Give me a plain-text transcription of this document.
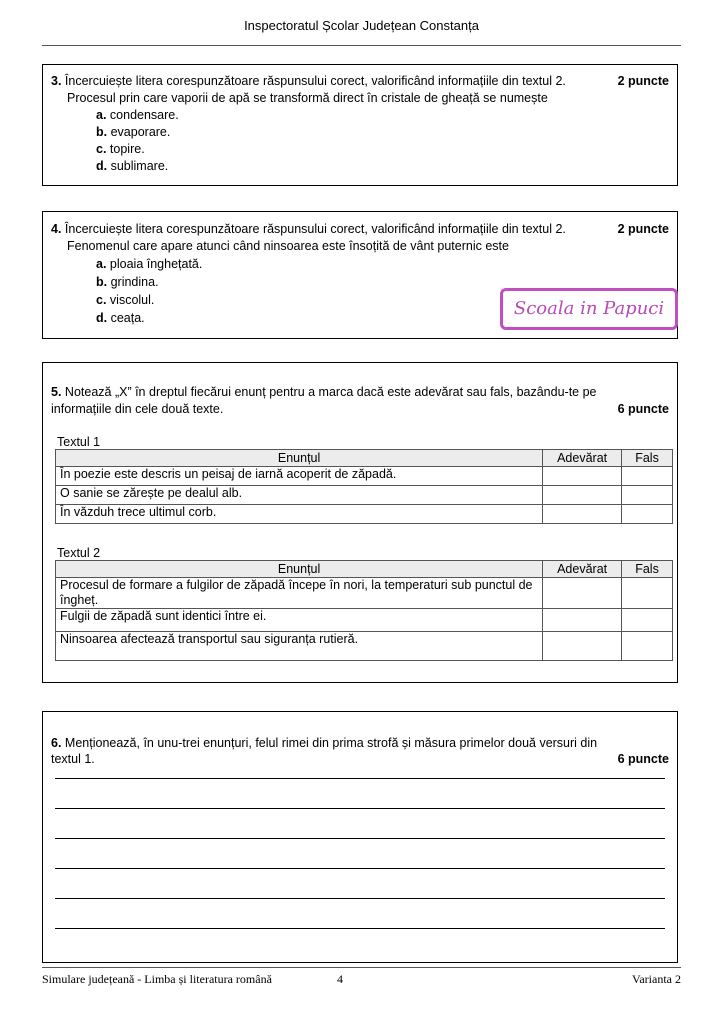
Inspectoratul Școlar Județean Constanța
3. Încercuiește litera corespunzătoare răspunsului corect, valorificând informațiile din textul 2.	2 puncte
Procesul prin care vaporii de apă se transformă direct în cristale de gheață se numește
a. condensare.
b. evaporare.
c. topire.
d. sublimare.
4. Încercuiește litera corespunzătoare răspunsului corect, valorificând informațiile din textul 2.	2 puncte
Fenomenul care apare atunci când ninsoarea este însoțită de vânt puternic este
a. ploaia înghețată.
b. grindina.
c. viscolul.
d. ceața.	Scoala in Papuci
5. Notează „X” în dreptul fiecărui enunț pentru a marca dacă este adevărat sau fals, bazându-te pe
informațiile din cele două texte.	6 puncte
Textul 1
Enunțul	Adevărat	Fals
În poezie este descris un peisaj de iarnă acoperit de zăpadă.		
O sanie se zărește pe dealul alb.		
În văzduh trece ultimul corb.		
Textul 2
Enunțul	Adevărat	Fals
Procesul de formare a fulgilor de zăpadă începe în nori, la temperaturi sub punctul de îngheț.		
Fulgii de zăpadă sunt identici între ei.		
Ninsoarea afectează transportul sau siguranța rutieră.		
6. Menționează, în unu-trei enunțuri, felul rimei din prima strofă și măsura primelor două versuri din
textul 1.	6 puncte
Simulare județeană - Limba și literatura română	4	Varianta 2
